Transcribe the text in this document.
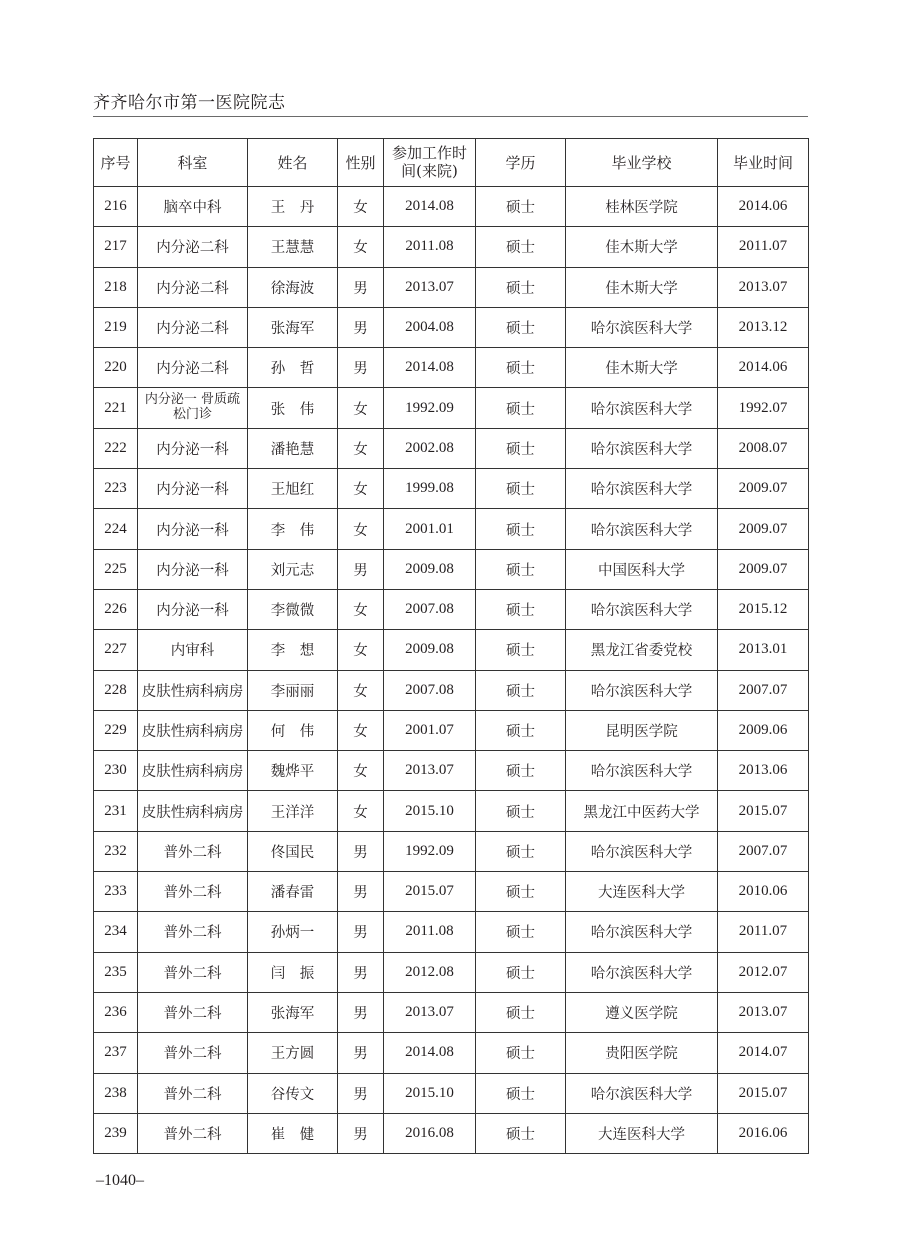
齐齐哈尔市第一医院院志
序号	科室	姓名	性别	参加工作时间(来院)	学历	毕业学校	毕业时间
216	脑卒中科	王　丹	女	2014.08	硕士	桂林医学院	2014.06
217	内分泌二科	王慧慧	女	2011.08	硕士	佳木斯大学	2011.07
218	内分泌二科	徐海波	男	2013.07	硕士	佳木斯大学	2013.07
219	内分泌二科	张海军	男	2004.08	硕士	哈尔滨医科大学	2013.12
220	内分泌二科	孙　哲	男	2014.08	硕士	佳木斯大学	2014.06
221	内分泌一 骨质疏松门诊	张　伟	女	1992.09	硕士	哈尔滨医科大学	1992.07
222	内分泌一科	潘艳慧	女	2002.08	硕士	哈尔滨医科大学	2008.07
223	内分泌一科	王旭红	女	1999.08	硕士	哈尔滨医科大学	2009.07
224	内分泌一科	李　伟	女	2001.01	硕士	哈尔滨医科大学	2009.07
225	内分泌一科	刘元志	男	2009.08	硕士	中国医科大学	2009.07
226	内分泌一科	李微微	女	2007.08	硕士	哈尔滨医科大学	2015.12
227	内审科	李　想	女	2009.08	硕士	黑龙江省委党校	2013.01
228	皮肤性病科病房	李丽丽	女	2007.08	硕士	哈尔滨医科大学	2007.07
229	皮肤性病科病房	何　伟	女	2001.07	硕士	昆明医学院	2009.06
230	皮肤性病科病房	魏烨平	女	2013.07	硕士	哈尔滨医科大学	2013.06
231	皮肤性病科病房	王洋洋	女	2015.10	硕士	黑龙江中医药大学	2015.07
232	普外二科	佟国民	男	1992.09	硕士	哈尔滨医科大学	2007.07
233	普外二科	潘春雷	男	2015.07	硕士	大连医科大学	2010.06
234	普外二科	孙炳一	男	2011.08	硕士	哈尔滨医科大学	2011.07
235	普外二科	闫　振	男	2012.08	硕士	哈尔滨医科大学	2012.07
236	普外二科	张海军	男	2013.07	硕士	遵义医学院	2013.07
237	普外二科	王方圆	男	2014.08	硕士	贵阳医学院	2014.07
238	普外二科	谷传文	男	2015.10	硕士	哈尔滨医科大学	2015.07
239	普外二科	崔　健	男	2016.08	硕士	大连医科大学	2016.06
–1040–
